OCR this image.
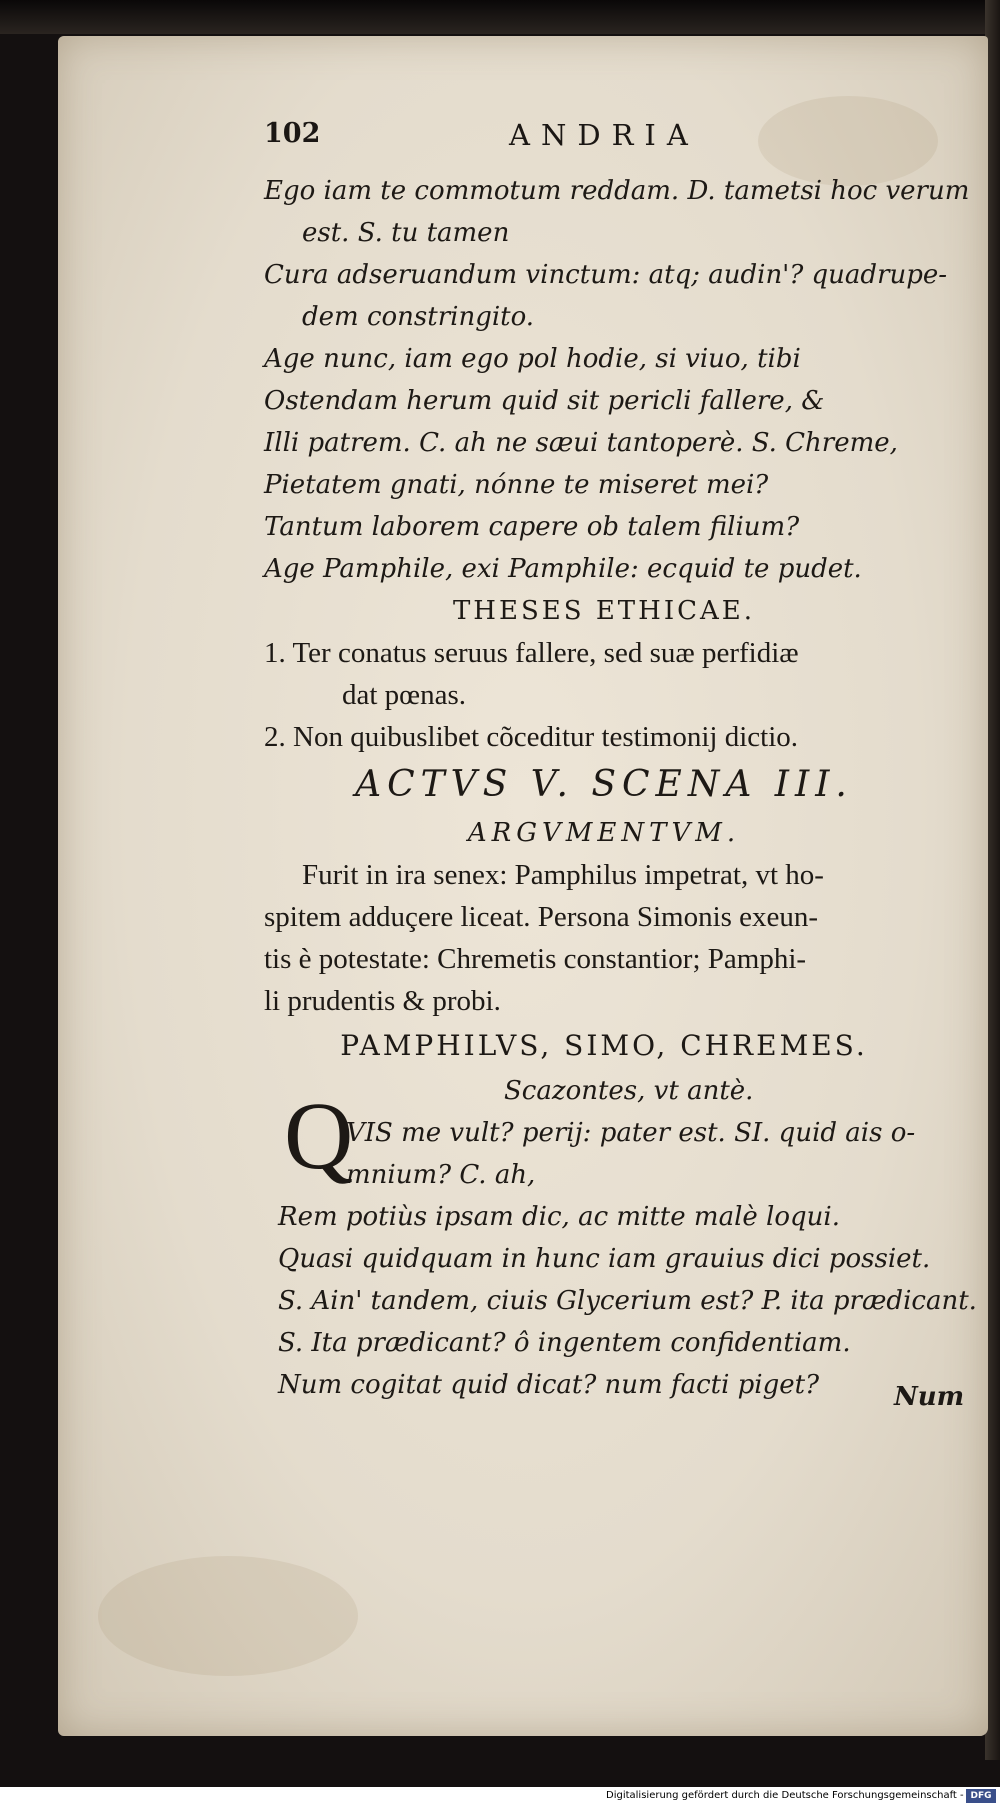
102	ANDRIA
Ego iam te commotum reddam. D. tametsi hoc verum
est. S. tu tamen
Cura adseruandum vinctum: atq; audin'? quadrupe-
dem constringito.
Age nunc, iam ego pol hodie, si viuo, tibi
Ostendam herum quid sit pericli fallere, &
Illi patrem. C. ah ne sæui tantoperè. S. Chreme,
Pietatem gnati, nónne te miseret mei?
Tantum laborem capere ob talem filium?
Age Pamphile, exi Pamphile: ecquid te pudet.
THESES ETHICAE.
1. Ter conatus seruus fallere, sed suæ perfidiæ
dat pœnas.
2. Non quibuslibet cõceditur testimonij dictio.
ACTVS V. SCENA III.
ARGVMENTVM.
Furit in ira senex: Pamphilus impetrat, vt ho-
spitem adduçere liceat. Persona Simonis exeun-
tis è potestate: Chremetis constantior; Pamphi-
li prudentis & probi.
PAMPHILVS, SIMO, CHREMES.
Scazontes, vt antè.
VIS me vult? perij: pater est. SI. quid ais o-
mnium? C. ah,
Rem potiùs ipsam dic, ac mitte malè loqui.
Quasi quidquam in hunc iam grauius dici possiet.
S. Ain' tandem, ciuis Glycerium est? P. ita prædicant.
S. Ita prædicant? ô ingentem confidentiam.
Num cogitat quid dicat? num facti piget?
Q
Num
Digitalisierung gefördert durch die Deutsche Forschungsgemeinschaft - DFG
